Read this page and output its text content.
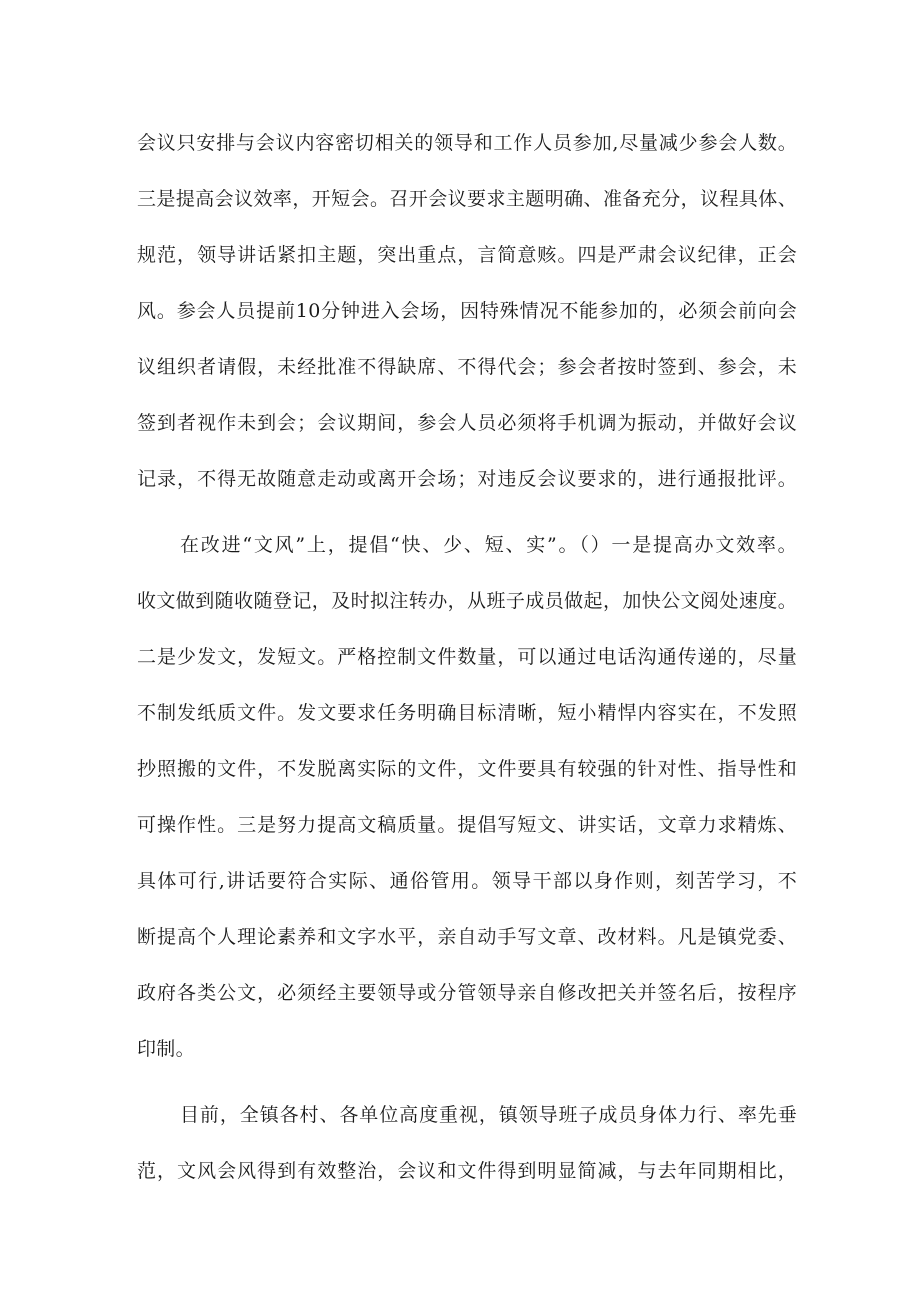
会议只安排与会议内容密切相关的领导和工作人员参加,尽量减少参会人数。
三是提高会议效率，开短会。召开会议要求主题明确、准备充分，议程具体、
规范，领导讲话紧扣主题，突出重点，言简意赅。四是严肃会议纪律，正会
风。参会人员提前10分钟进入会场，因特殊情况不能参加的，必须会前向会
议组织者请假，未经批准不得缺席、不得代会；参会者按时签到、参会，未
签到者视作未到会；会议期间，参会人员必须将手机调为振动，并做好会议
记录，不得无故随意走动或离开会场；对违反会议要求的，进行通报批评。
在改进“文风”上，提倡“快、少、短、实”。（）一是提高办文效率。
收文做到随收随登记，及时拟注转办，从班子成员做起，加快公文阅处速度。
二是少发文，发短文。严格控制文件数量，可以通过电话沟通传递的，尽量
不制发纸质文件。发文要求任务明确目标清晰，短小精悍内容实在，不发照
抄照搬的文件，不发脱离实际的文件，文件要具有较强的针对性、指导性和
可操作性。三是努力提高文稿质量。提倡写短文、讲实话，文章力求精炼、
具体可行,讲话要符合实际、通俗管用。领导干部以身作则，刻苦学习，不
断提高个人理论素养和文字水平，亲自动手写文章、改材料。凡是镇党委、
政府各类公文，必须经主要领导或分管领导亲自修改把关并签名后，按程序
印制。
目前，全镇各村、各单位高度重视，镇领导班子成员身体力行、率先垂
范，文风会风得到有效整治，会议和文件得到明显简减，与去年同期相比，
